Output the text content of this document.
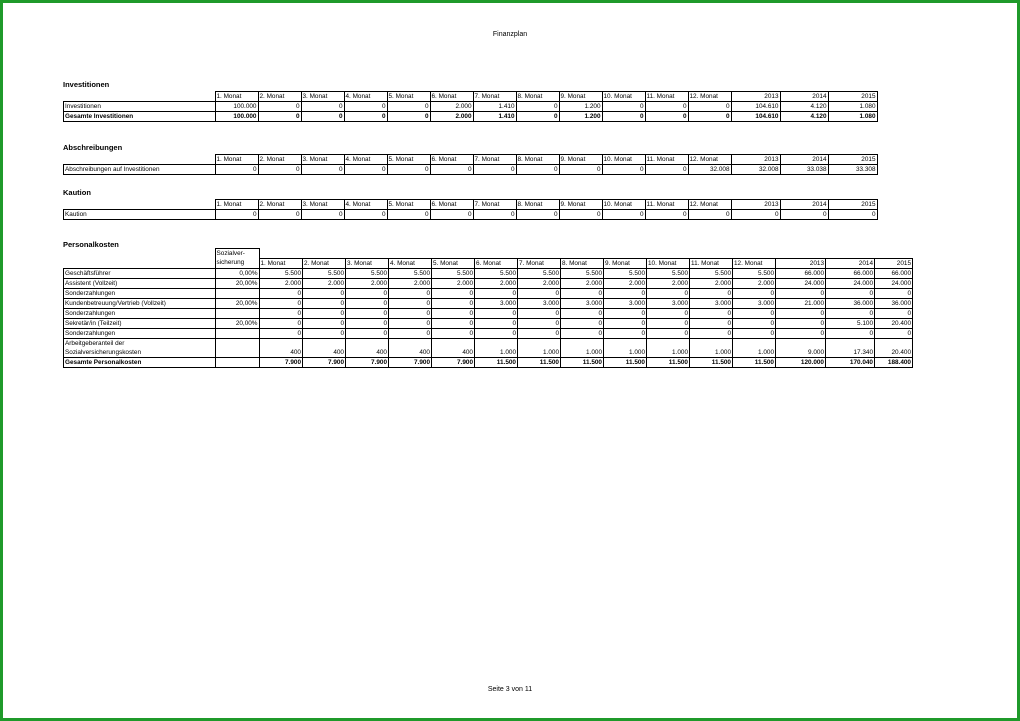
Finanzplan
Investitionen
	1. Monat	2. Monat	3. Monat	4. Monat	5. Monat	6. Monat	7. Monat	8. Monat	9. Monat	10. Monat	11. Monat	12. Monat	2013	2014	2015
Investitionen	100.000	0	0	0	0	2.000	1.410	0	1.200	0	0	0	104.610	4.120	1.080
Gesamte Investitionen	100.000	0	0	0	0	2.000	1.410	0	1.200	0	0	0	104.610	4.120	1.080
Abschreibungen
	1. Monat	2. Monat	3. Monat	4. Monat	5. Monat	6. Monat	7. Monat	8. Monat	9. Monat	10. Monat	11. Monat	12. Monat	2013	2014	2015
Abschreibungen auf Investitionen	0	0	0	0	0	0	0	0	0	0	0	32.008	32.008	33.038	33.308
Kaution
	1. Monat	2. Monat	3. Monat	4. Monat	5. Monat	6. Monat	7. Monat	8. Monat	9. Monat	10. Monat	11. Monat	12. Monat	2013	2014	2015
Kaution	0	0	0	0	0	0	0	0	0	0	0	0	0	0	0
Personalkosten
	Sozialver-															
	sicherung	1. Monat	2. Monat	3. Monat	4. Monat	5. Monat	6. Monat	7. Monat	8. Monat	9. Monat	10. Monat	11. Monat	12. Monat	2013	2014	2015
Geschäftsführer	0,00%	5.500	5.500	5.500	5.500	5.500	5.500	5.500	5.500	5.500	5.500	5.500	5.500	66.000	66.000	66.000
Assistent (Vollzeit)	20,00%	2.000	2.000	2.000	2.000	2.000	2.000	2.000	2.000	2.000	2.000	2.000	2.000	24.000	24.000	24.000
Sonderzahlungen		0	0	0	0	0	0	0	0	0	0	0	0	0	0	0
Kundenbetreuung/Vertrieb (Vollzeit)	20,00%	0	0	0	0	0	3.000	3.000	3.000	3.000	3.000	3.000	3.000	21.000	36.000	36.000
Sonderzahlungen		0	0	0	0	0	0	0	0	0	0	0	0	0	0	0
Sekretär/in (Teilzeit)	20,00%	0	0	0	0	0	0	0	0	0	0	0	0	0	5.100	20.400
Sonderzahlungen		0	0	0	0	0	0	0	0	0	0	0	0	0	0	0

Arbeitgeberanteil der
Sozialversicherungskosten		400	400	400	400	400	1.000	1.000	1.000	1.000	1.000	1.000	1.000	9.000	17.340	20.400
Gesamte Personalkosten		7.900	7.900	7.900	7.900	7.900	11.500	11.500	11.500	11.500	11.500	11.500	11.500	120.000	170.040	188.400
Seite 3 von 11
